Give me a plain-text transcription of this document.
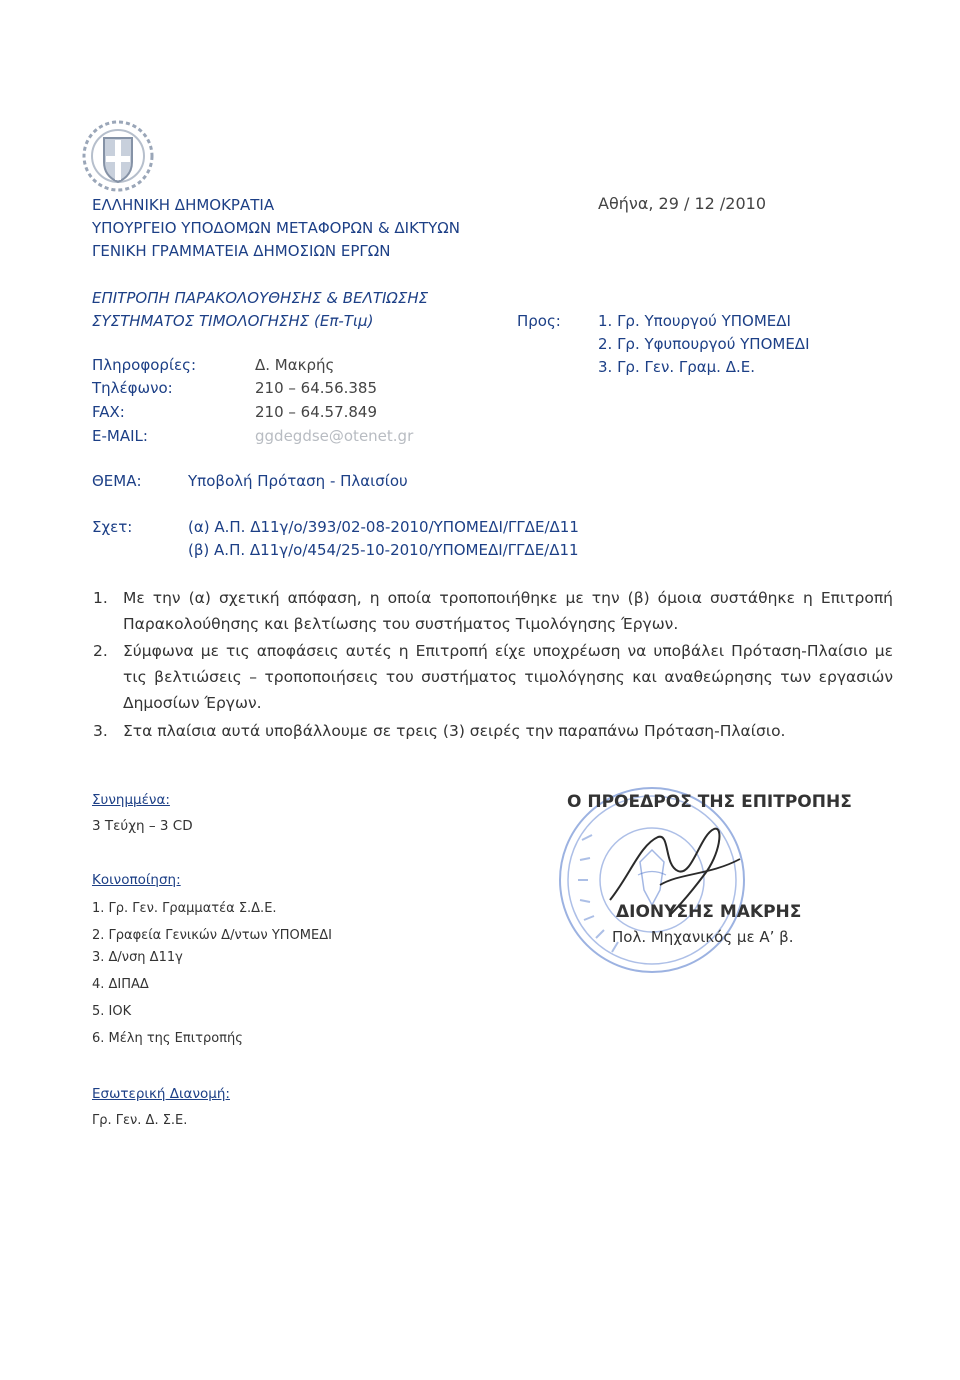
ΕΛΛΗΝΙΚΗ ΔΗΜΟΚΡΑΤΙΑ
ΥΠΟΥΡΓΕΙΟ ΥΠΟΔΟΜΩΝ ΜΕΤΑΦΟΡΩΝ & ΔΙΚΤΥΩΝ
ΓΕΝΙΚΗ ΓΡΑΜΜΑΤΕΙΑ ΔΗΜΟΣΙΩΝ ΕΡΓΩΝ
Αθήνα, 29 / 12 /2010
ΕΠΙΤΡΟΠΗ ΠΑΡΑΚΟΛΟΥΘΗΣΗΣ & ΒΕΛΤΙΩΣΗΣ
ΣΥΣΤΗΜΑΤΟΣ ΤΙΜΟΛΟΓΗΣΗΣ (Επ-Τιμ)
Πληροφορίες:	Δ. Μακρής
Τηλέφωνο:	210 – 64.56.385
FAX:	210 – 64.57.849
E-MAIL:	ggdegdse@otenet.gr
Προς: 1. Γρ. Υπουργού ΥΠΟΜΕΔΙ
2. Γρ. Υφυπουργού ΥΠΟΜΕΔΙ
3. Γρ. Γεν. Γραμ. Δ.Ε.
ΘΕΜΑ:	Υποβολή Πρόταση - Πλαισίου
Σχετ:	(α) Α.Π. Δ11γ/ο/393/02-08-2010/ΥΠΟΜΕΔΙ/ΓΓΔΕ/Δ11
(β) Α.Π. Δ11γ/ο/454/25-10-2010/ΥΠΟΜΕΔΙ/ΓΓΔΕ/Δ11
1. Με την (α) σχετική απόφαση, η οποία τροποποιήθηκε με την (β) όμοια συστάθηκε η Επιτροπή Παρακολούθησης και βελτίωσης του συστήματος Τιμολόγησης Έργων.
2. Σύμφωνα με τις αποφάσεις αυτές η Επιτροπή είχε υποχρέωση να υποβάλει Πρόταση-Πλαίσιο με τις βελτιώσεις – τροποποιήσεις του συστήματος τιμολόγησης και αναθεώρησης των εργασιών Δημοσίων Έργων.
3. Στα πλαίσια αυτά υποβάλλουμε σε τρεις (3) σειρές την παραπάνω Πρόταση-Πλαίσιο.
Συνημμένα:
3 Τεύχη – 3 CD
Κοινοποίηση:
1. Γρ. Γεν. Γραμματέα Σ.Δ.Ε.
2. Γραφεία Γενικών Δ/ντων ΥΠΟΜΕΔΙ
3. Δ/νση Δ11γ
4. ΔΙΠΑΔ
5. ΙΟΚ
6. Μέλη της Επιτροπής
Εσωτερική Διανομή:
Γρ. Γεν. Δ. Σ.Ε.
Ο ΠΡΟΕΔΡΟΣ ΤΗΣ ΕΠΙΤΡΟΠΗΣ
ΔΙΟΝΥΣΗΣ ΜΑΚΡΗΣ
Πολ. Μηχανικός με Α’ β.
